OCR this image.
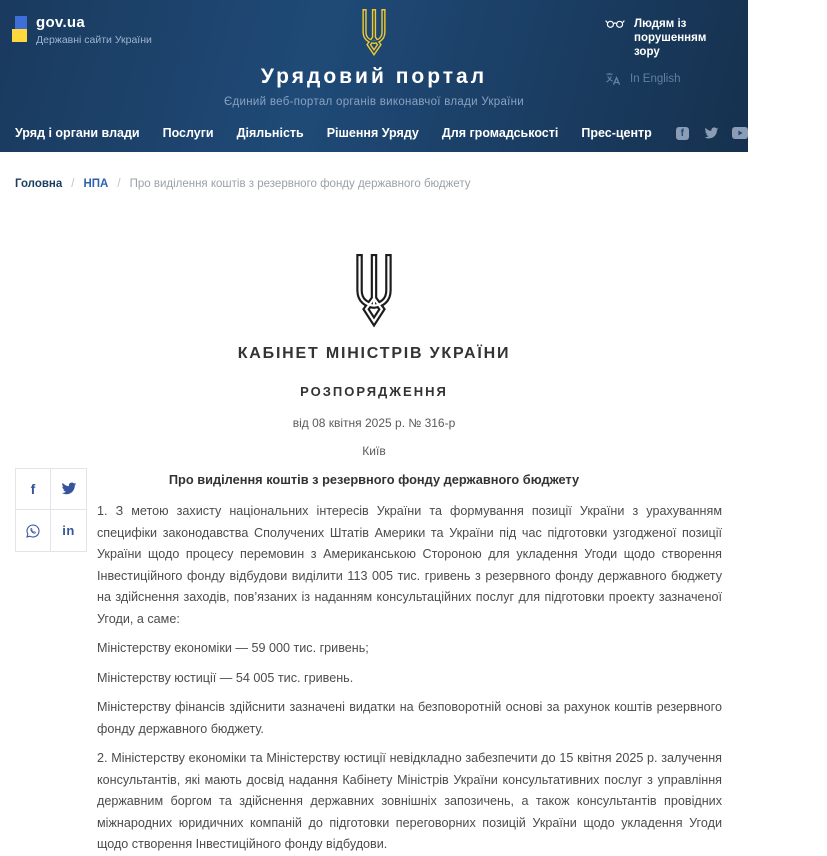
gov.ua
Державні сайти України
Людям із порушенням зору
In English
Урядовий портал

Єдиний веб-портал органів виконавчої влади України

Уряд і органи влади Послуги Діяльність Рішення Уряду Для громадськості Прес-центр	f	Пошук
Головна / НПА / Про виділення коштів з резервного фонду державного бюджету
КАБІНЕТ МІНІСТРІВ УКРАЇНИ
РОЗПОРЯДЖЕННЯ
від 08 квітня 2025 р. № 316-р
Київ
Про виділення коштів з резервного фонду державного бюджету

1. З метою захисту національних інтересів України та формування позиції України з урахуванням специфіки законодавства Сполучених Штатів Америки та України під час підготовки узгодженої позиції України щодо процесу перемовин з Американською Стороною для укладення Угоди щодо створення Інвестиційного фонду відбудови виділити 113 005 тис. гривень з резервного фонду державного бюджету на здійснення заходів, пов’язаних із наданням консультаційних послуг для підготовки проекту зазначеної Угоди, а саме:

Міністерству економіки — 59 000 тис. гривень;

Міністерству юстиції — 54 005 тис. гривень.

Міністерству фінансів здійснити зазначені видатки на безповоротній основі за рахунок коштів резервного фонду державного бюджету.

2. Міністерству економіки та Міністерству юстиції невідкладно забезпечити до 15 квітня 2025 р. залучення консультантів, які мають досвід надання Кабінету Міністрів України консультативних послуг з управління державним боргом та здійснення державних зовнішніх запозичень, а також консультантів провідних міжнародних юридичних компаній до підготовки переговорних позицій України щодо укладення Угоди щодо створення Інвестиційного фонду відбудови.

f
in
